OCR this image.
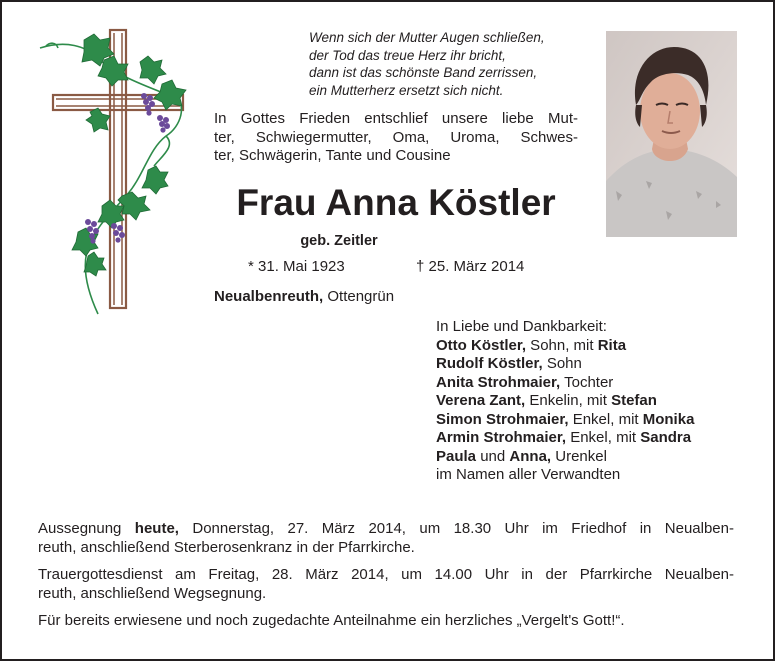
Wenn sich der Mutter Augen schließen,
der Tod das treue Herz ihr bricht,
dann ist das schönste Band zerrissen,
ein Mutterherz ersetzt sich nicht.
In Gottes Frieden entschlief unsere liebe Mut-
ter, Schwiegermutter, Oma, Uroma, Schwes-
ter, Schwägerin, Tante und Cousine
Frau Anna Köstler
geb. Zeitler
* 31. Mai 1923	† 25. März 2014
Neualbenreuth, Ottengrün
In Liebe und Dankbarkeit:
Otto Köstler, Sohn, mit Rita
Rudolf Köstler, Sohn
Anita Strohmaier, Tochter
Verena Zant, Enkelin, mit Stefan
Simon Strohmaier, Enkel, mit Monika
Armin Strohmaier, Enkel, mit Sandra
Paula und Anna, Urenkel
im Namen aller Verwandten

Aussegnung heute, Donnerstag, 27. März 2014, um 18.30 Uhr im Friedhof in Neualben-
reuth, anschließend Sterberosenkranz in der Pfarrkirche.

Trauergottesdienst am Freitag, 28. März 2014, um 14.00 Uhr in der Pfarrkirche Neualben-
reuth, anschließend Wegsegnung.

Für bereits erwiesene und noch zugedachte Anteilnahme ein herzliches „Vergelt's Gott!“.
